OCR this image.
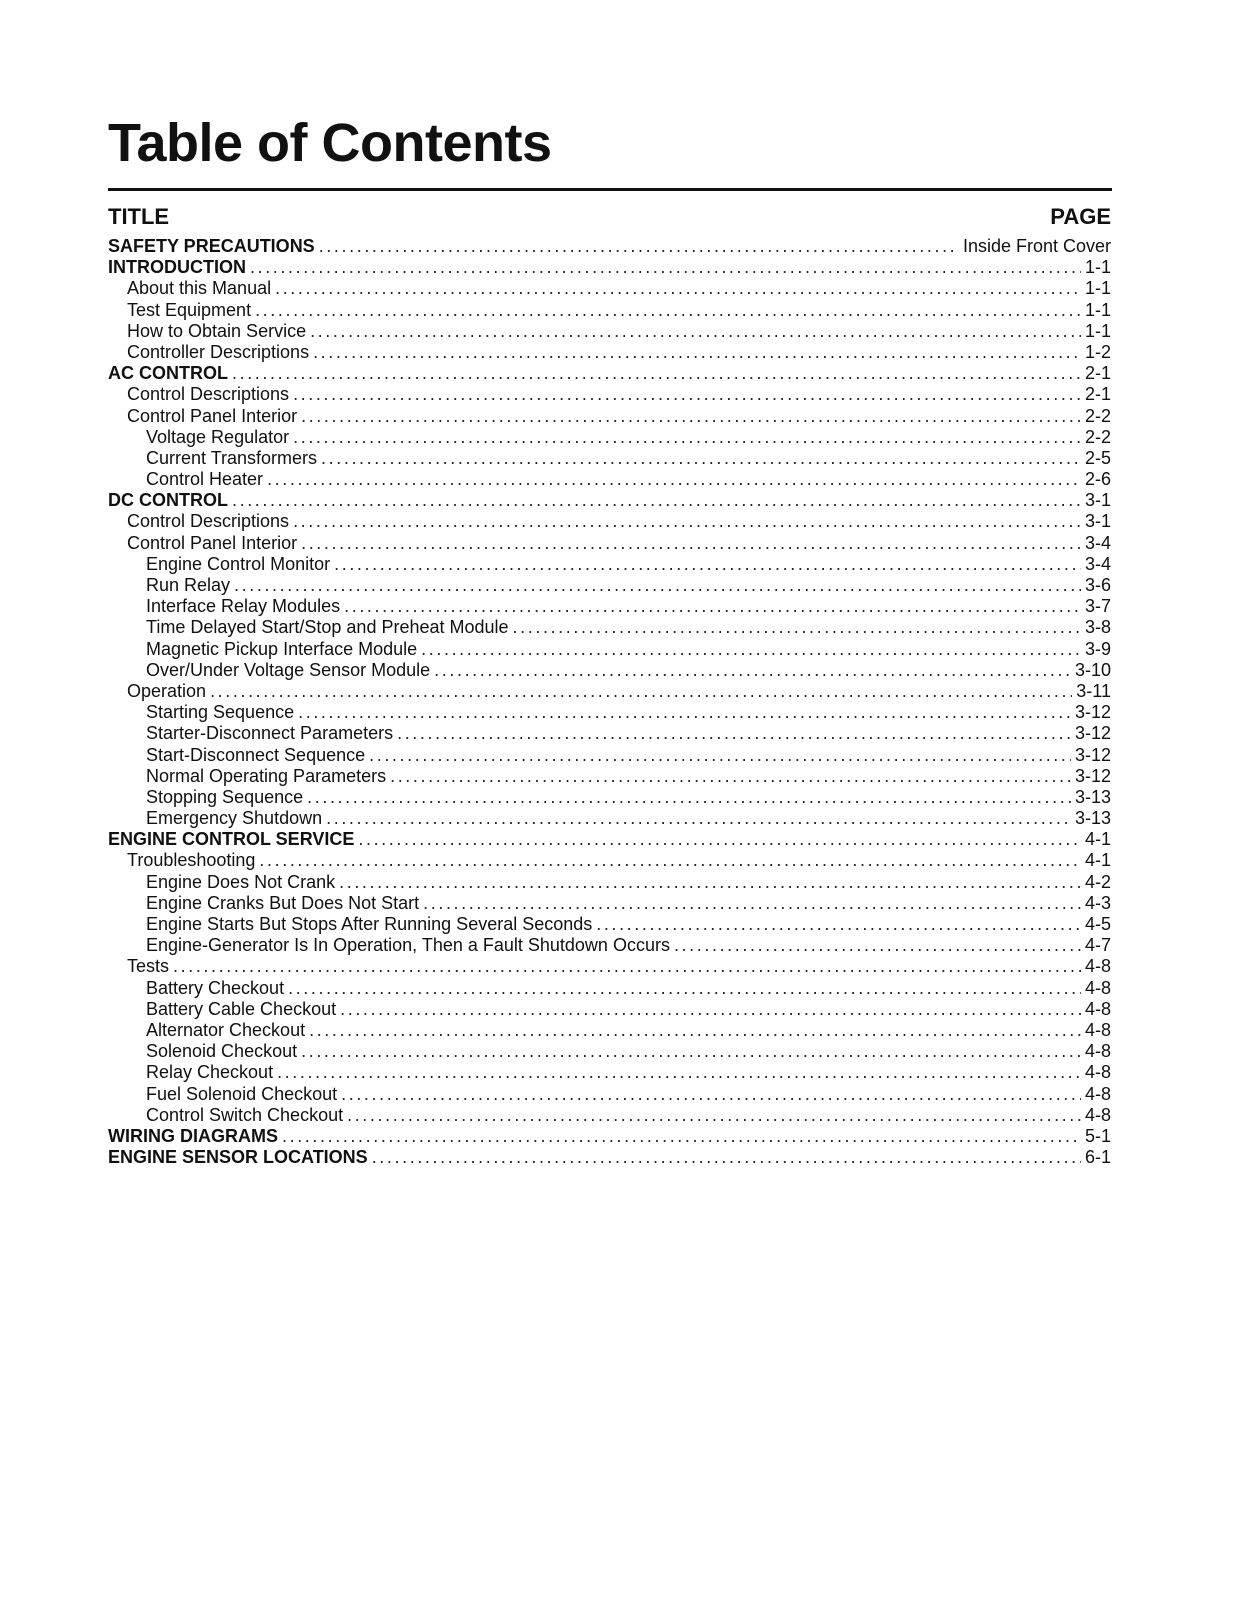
Table of Contents
TITLE	PAGE
SAFETY PRECAUTIONS . . .	Inside Front Cover
INTRODUCTION . . .	1-1
About this Manual . . .	1-1
Test Equipment . . .	1-1
How to Obtain Service . . .	1-1
Controller Descriptions . . .	1-2
AC CONTROL . . .	2-1
Control Descriptions . . .	2-1
Control Panel Interior . . .	2-2
Voltage Regulator . . .	2-2
Current Transformers . . .	2-5
Control Heater . . .	2-6
DC CONTROL . . .	3-1
Control Descriptions . . .	3-1
Control Panel Interior . . .	3-4
Engine Control Monitor . . .	3-4
Run Relay . . .	3-6
Interface Relay Modules . . .	3-7
Time Delayed Start/Stop and Preheat Module . . .	3-8
Magnetic Pickup Interface Module . . .	3-9
Over/Under Voltage Sensor Module . . .	3-10
Operation . . .	3-11
Starting Sequence . . .	3-12
Starter-Disconnect Parameters . . .	3-12
Start-Disconnect Sequence . . .	3-12
Normal Operating Parameters . . .	3-12
Stopping Sequence . . .	3-13
Emergency Shutdown . . .	3-13
ENGINE CONTROL SERVICE . . .	4-1
Troubleshooting . . .	4-1
Engine Does Not Crank . . .	4-2
Engine Cranks But Does Not Start . . .	4-3
Engine Starts But Stops After Running Several Seconds . . .	4-5
Engine-Generator Is In Operation, Then a Fault Shutdown Occurs . . .	4-7
Tests . . .	4-8
Battery Checkout . . .	4-8
Battery Cable Checkout . . .	4-8
Alternator Checkout . . .	4-8
Solenoid Checkout . . .	4-8
Relay Checkout . . .	4-8
Fuel Solenoid Checkout . . .	4-8
Control Switch Checkout . . .	4-8
WIRING DIAGRAMS . . .	5-1
ENGINE SENSOR LOCATIONS . . .	6-1
